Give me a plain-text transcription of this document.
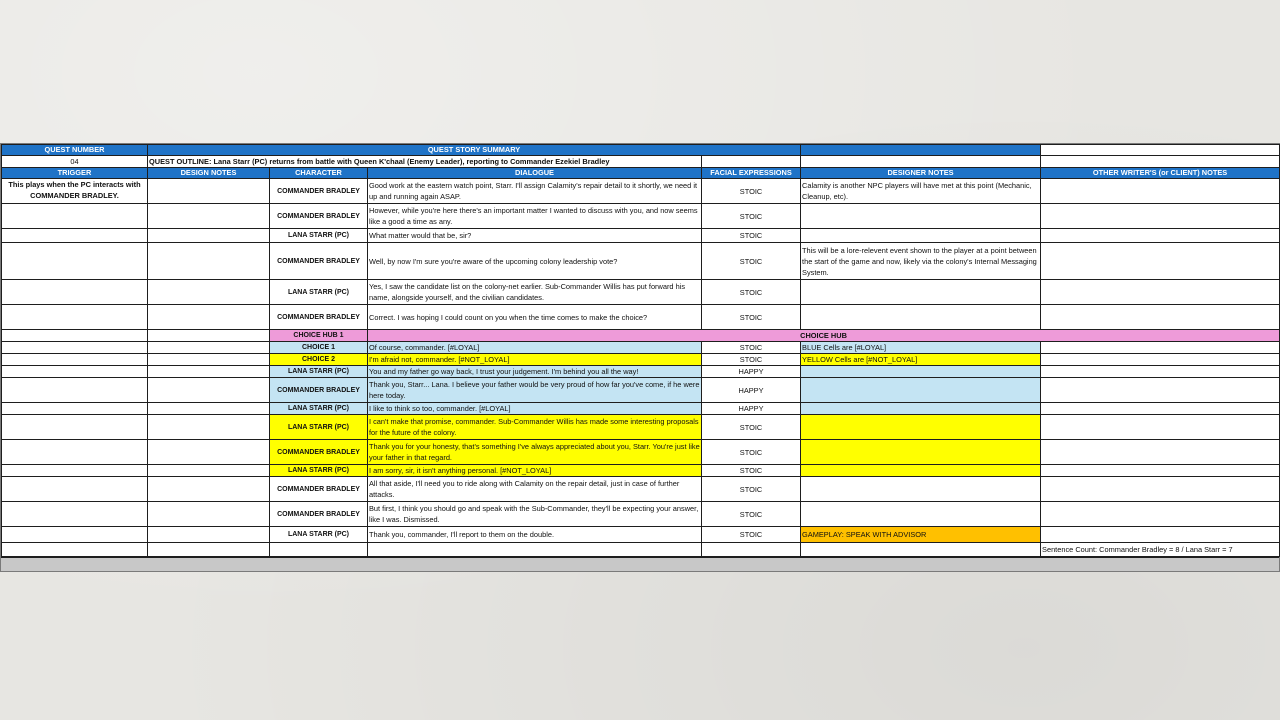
QUEST NUMBER	QUEST STORY SUMMARY					
04	QUEST OUTLINE: Lana Starr (PC) returns from battle with Queen K'chaal (Enemy Leader), reporting to Commander Ezekiel Bradley					
TRIGGER	DESIGN NOTES	CHARACTER	DIALOGUE	FACIAL EXPRESSIONS	DESIGNER NOTES	OTHER WRITER'S (or CLIENT) NOTES
This plays when the PC interacts with COMMANDER BRADLEY.		COMMANDER BRADLEY	Good work at the eastern watch point, Starr. I'll assign Calamity's repair detail to it shortly, we need it up and running again ASAP.	STOIC	Calamity is another NPC players will have met at this point (Mechanic, Cleanup, etc).	
		COMMANDER BRADLEY	However, while you're here there's an important matter I wanted to discuss with you, and now seems like a good a time as any.	STOIC		
		LANA STARR (PC)	What matter would that be, sir?	STOIC		
		COMMANDER BRADLEY	Well, by now I'm sure you're aware of the upcoming colony leadership vote?	STOIC	This will be a lore-relevent event shown to the player at a point between the start of the game and now, likely via the colony's Internal Messaging System.	
		LANA STARR (PC)	Yes, I saw the candidate list on the colony-net earlier. Sub-Commander Willis has put forward his name, alongside yourself, and the civilian candidates.	STOIC		
		COMMANDER BRADLEY	Correct. I was hoping I could count on you when the time comes to make the choice?	STOIC		
		CHOICE HUB 1	CHOICE HUB			
		CHOICE 1	Of course, commander. [#LOYAL]	STOIC	BLUE Cells are [#LOYAL]	
		CHOICE 2	I'm afraid not, commander. [#NOT_LOYAL]	STOIC	YELLOW Cells are [#NOT_LOYAL]	
		LANA STARR (PC)	You and my father go way back, I trust your judgement. I'm behind you all the way!	HAPPY		
		COMMANDER BRADLEY	Thank you, Starr... Lana. I believe your father would be very proud of how far you've come, if he were here today.	HAPPY		
		LANA STARR (PC)	I like to think so too, commander. [#LOYAL]	HAPPY		
		LANA STARR (PC)	I can't make that promise, commander. Sub-Commander Willis has made some interesting proposals for the future of the colony.	STOIC		
		COMMANDER BRADLEY	Thank you for your honesty, that's something I've always appreciated about you, Starr. You're just like your father in that regard.	STOIC		
		LANA STARR (PC)	I am sorry, sir, it isn't anything personal. [#NOT_LOYAL]	STOIC		
		COMMANDER BRADLEY	All that aside, I'll need you to ride along with Calamity on the repair detail, just in case of further attacks.	STOIC		
		COMMANDER BRADLEY	But first, I think you should go and speak with the Sub-Commander, they'll be expecting your answer, like I was. Dismissed.	STOIC		
		LANA STARR (PC)	Thank you, commander, I'll report to them on the double.	STOIC	GAMEPLAY: SPEAK WITH ADVISOR	
						Sentence Count: Commander Bradley = 8 / Lana Starr = 7
